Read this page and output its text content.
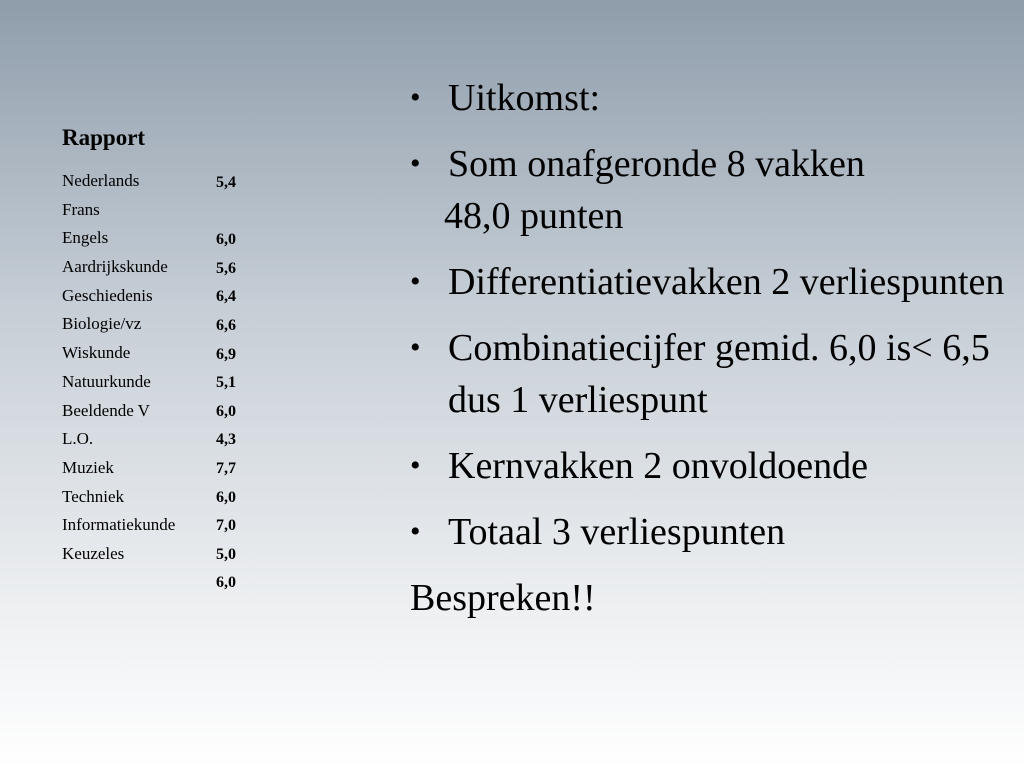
Rapport

Nederlands
Frans
Engels
Aardrijkskunde
Geschiedenis
Biologie/vz
Wiskunde
Natuurkunde
Beeldende V
L.O.
Muziek
Techniek
Informatiekunde
Keuzeles
5,4
6,0
5,6
6,4
6,6
6,9
5,1
6,0
4,3
7,7
6,0
7,0
5,0
6,0
• Uitkomst:
• Som onafgeronde 8 vakken
48,0 punten
• Differentiatievakken 2 verliespunten
• Combinatiecijfer gemid. 6,0 is< 6,5 dus 1 verliespunt
• Kernvakken 2 onvoldoende
• Totaal 3 verliespunten
Bespreken!!
